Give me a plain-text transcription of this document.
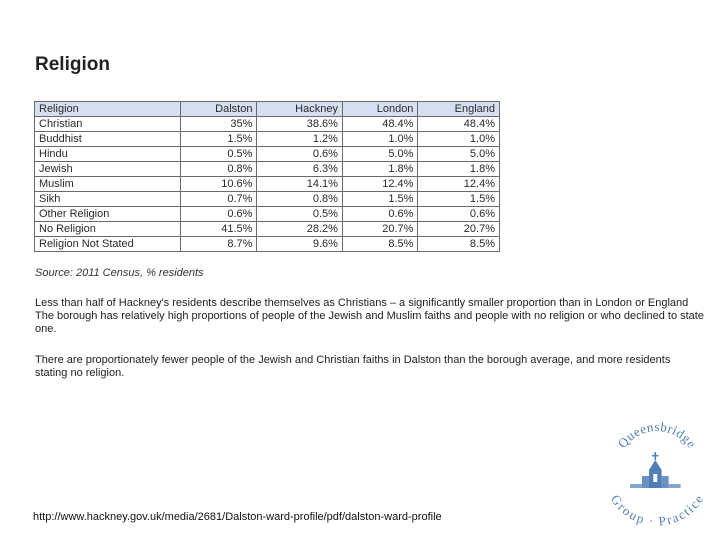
Religion
Religion	Dalston	Hackney	London	England
Christian	35%	38.6%	48.4%	48.4%
Buddhist	1.5%	1.2%	1.0%	1.0%
Hindu	0.5%	0.6%	5.0%	5.0%
Jewish	0.8%	6.3%	1.8%	1.8%
Muslim	10.6%	14.1%	12.4%	12.4%
Sikh	0.7%	0.8%	1.5%	1.5%
Other Religion	0.6%	0.5%	0.6%	0.6%
No Religion	41.5%	28.2%	20.7%	20.7%
Religion Not Stated	8.7%	9.6%	8.5%	8.5%
Source: 2011 Census, % residents

Less than half of Hackney's residents describe themselves as Christians – a significantly smaller proportion than in London or England The borough has relatively high proportions of people of the Jewish and Muslim faiths and people with no religion or who declined to state one.

There are proportionately fewer people of the Jewish and Christian faiths in Dalston than the borough average, and more residents stating no religion.

http://www.hackney.gov.uk/media/2681/Dalston-ward-profile/pdf/dalston-ward-profile
Queensbridge
Group · Practice
